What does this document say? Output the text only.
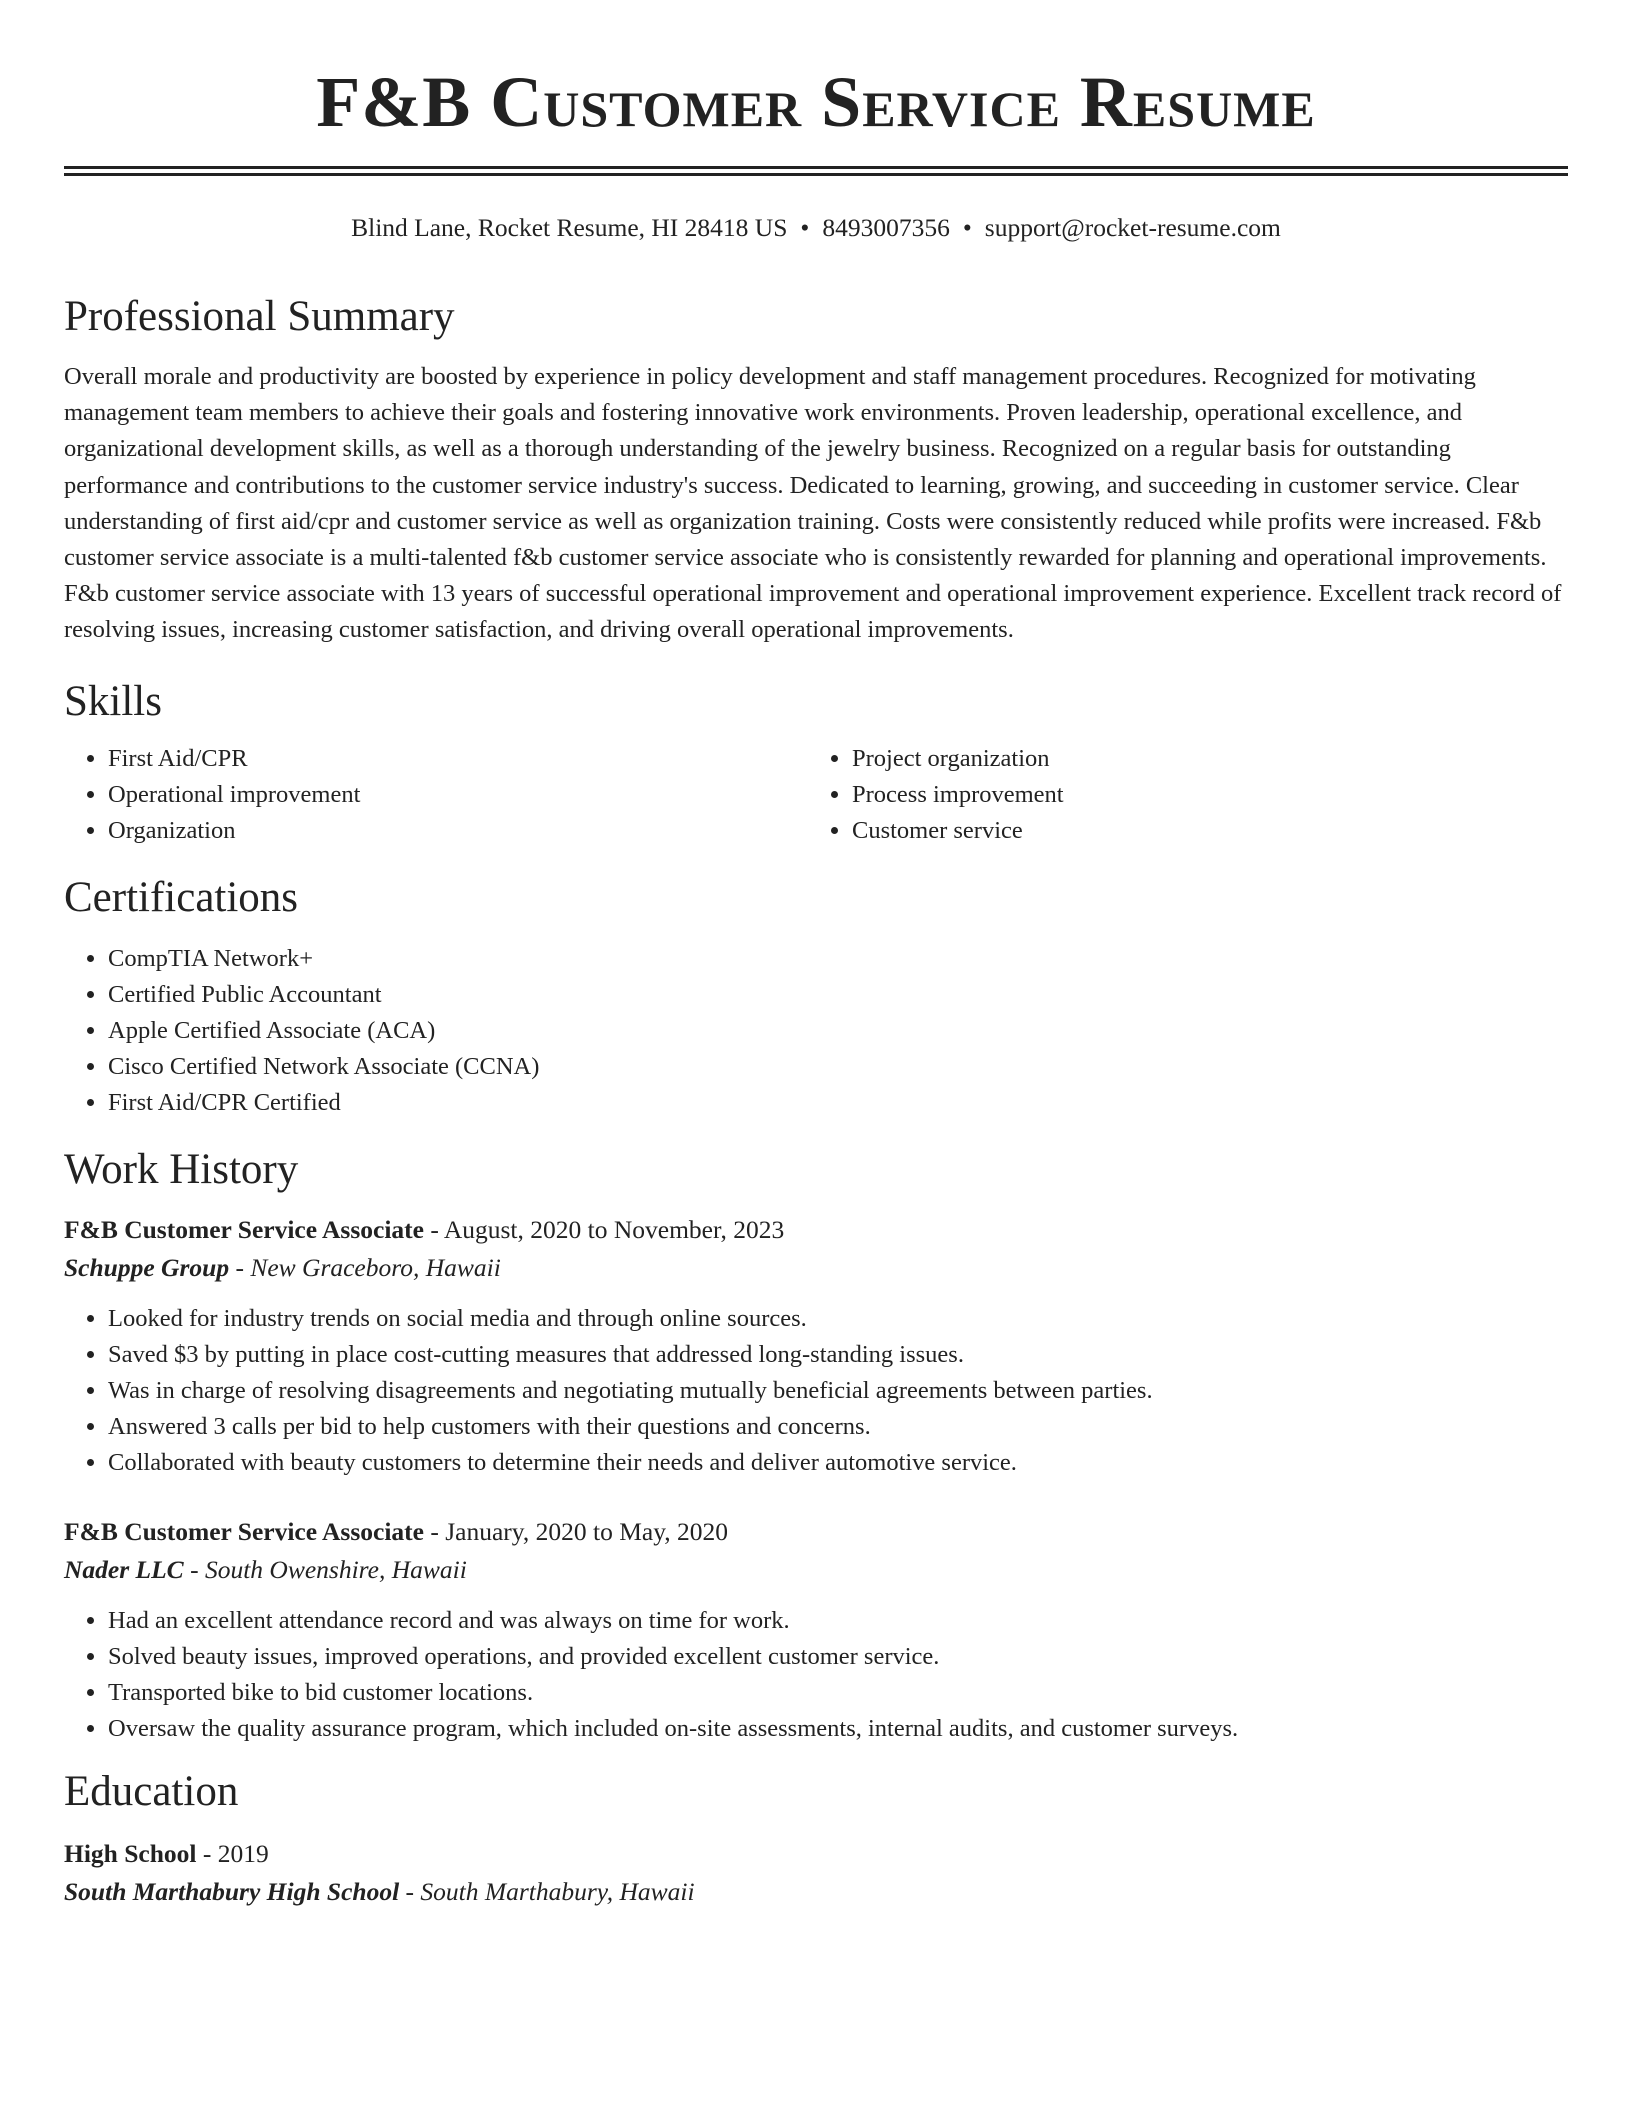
F&B Customer Service Resume
Blind Lane, Rocket Resume, HI 28418 US • 8493007356 • support@rocket-resume.com
Professional Summary

Overall morale and productivity are boosted by experience in policy development and staff management procedures. Recognized for motivating management team members to achieve their goals and fostering innovative work environments. Proven leadership, operational excellence, and organizational development skills, as well as a thorough understanding of the jewelry business. Recognized on a regular basis for outstanding performance and contributions to the customer service industry's success. Dedicated to learning, growing, and succeeding in customer service. Clear understanding of first aid/cpr and customer service as well as organization training. Costs were consistently reduced while profits were increased. F&b customer service associate is a multi-talented f&b customer service associate who is consistently rewarded for planning and operational improvements. F&b customer service associate with 13 years of successful operational improvement and operational improvement experience. Excellent track record of resolving issues, increasing customer satisfaction, and driving overall operational improvements.

Skills
• First Aid/CPR
• Operational improvement
• Organization
• Project organization
• Process improvement
• Customer service
Certifications
• CompTIA Network+
• Certified Public Accountant
• Apple Certified Associate (ACA)
• Cisco Certified Network Associate (CCNA)
• First Aid/CPR Certified
Work History
F&B Customer Service Associate - August, 2020 to November, 2023
Schuppe Group - New Graceboro, Hawaii
• Looked for industry trends on social media and through online sources.
• Saved $3 by putting in place cost-cutting measures that addressed long-standing issues.
• Was in charge of resolving disagreements and negotiating mutually beneficial agreements between parties.
• Answered 3 calls per bid to help customers with their questions and concerns.
• Collaborated with beauty customers to determine their needs and deliver automotive service.
F&B Customer Service Associate - January, 2020 to May, 2020
Nader LLC - South Owenshire, Hawaii
• Had an excellent attendance record and was always on time for work.
• Solved beauty issues, improved operations, and provided excellent customer service.
• Transported bike to bid customer locations.
• Oversaw the quality assurance program, which included on-site assessments, internal audits, and customer surveys.
Education
High School - 2019
South Marthabury High School - South Marthabury, Hawaii
